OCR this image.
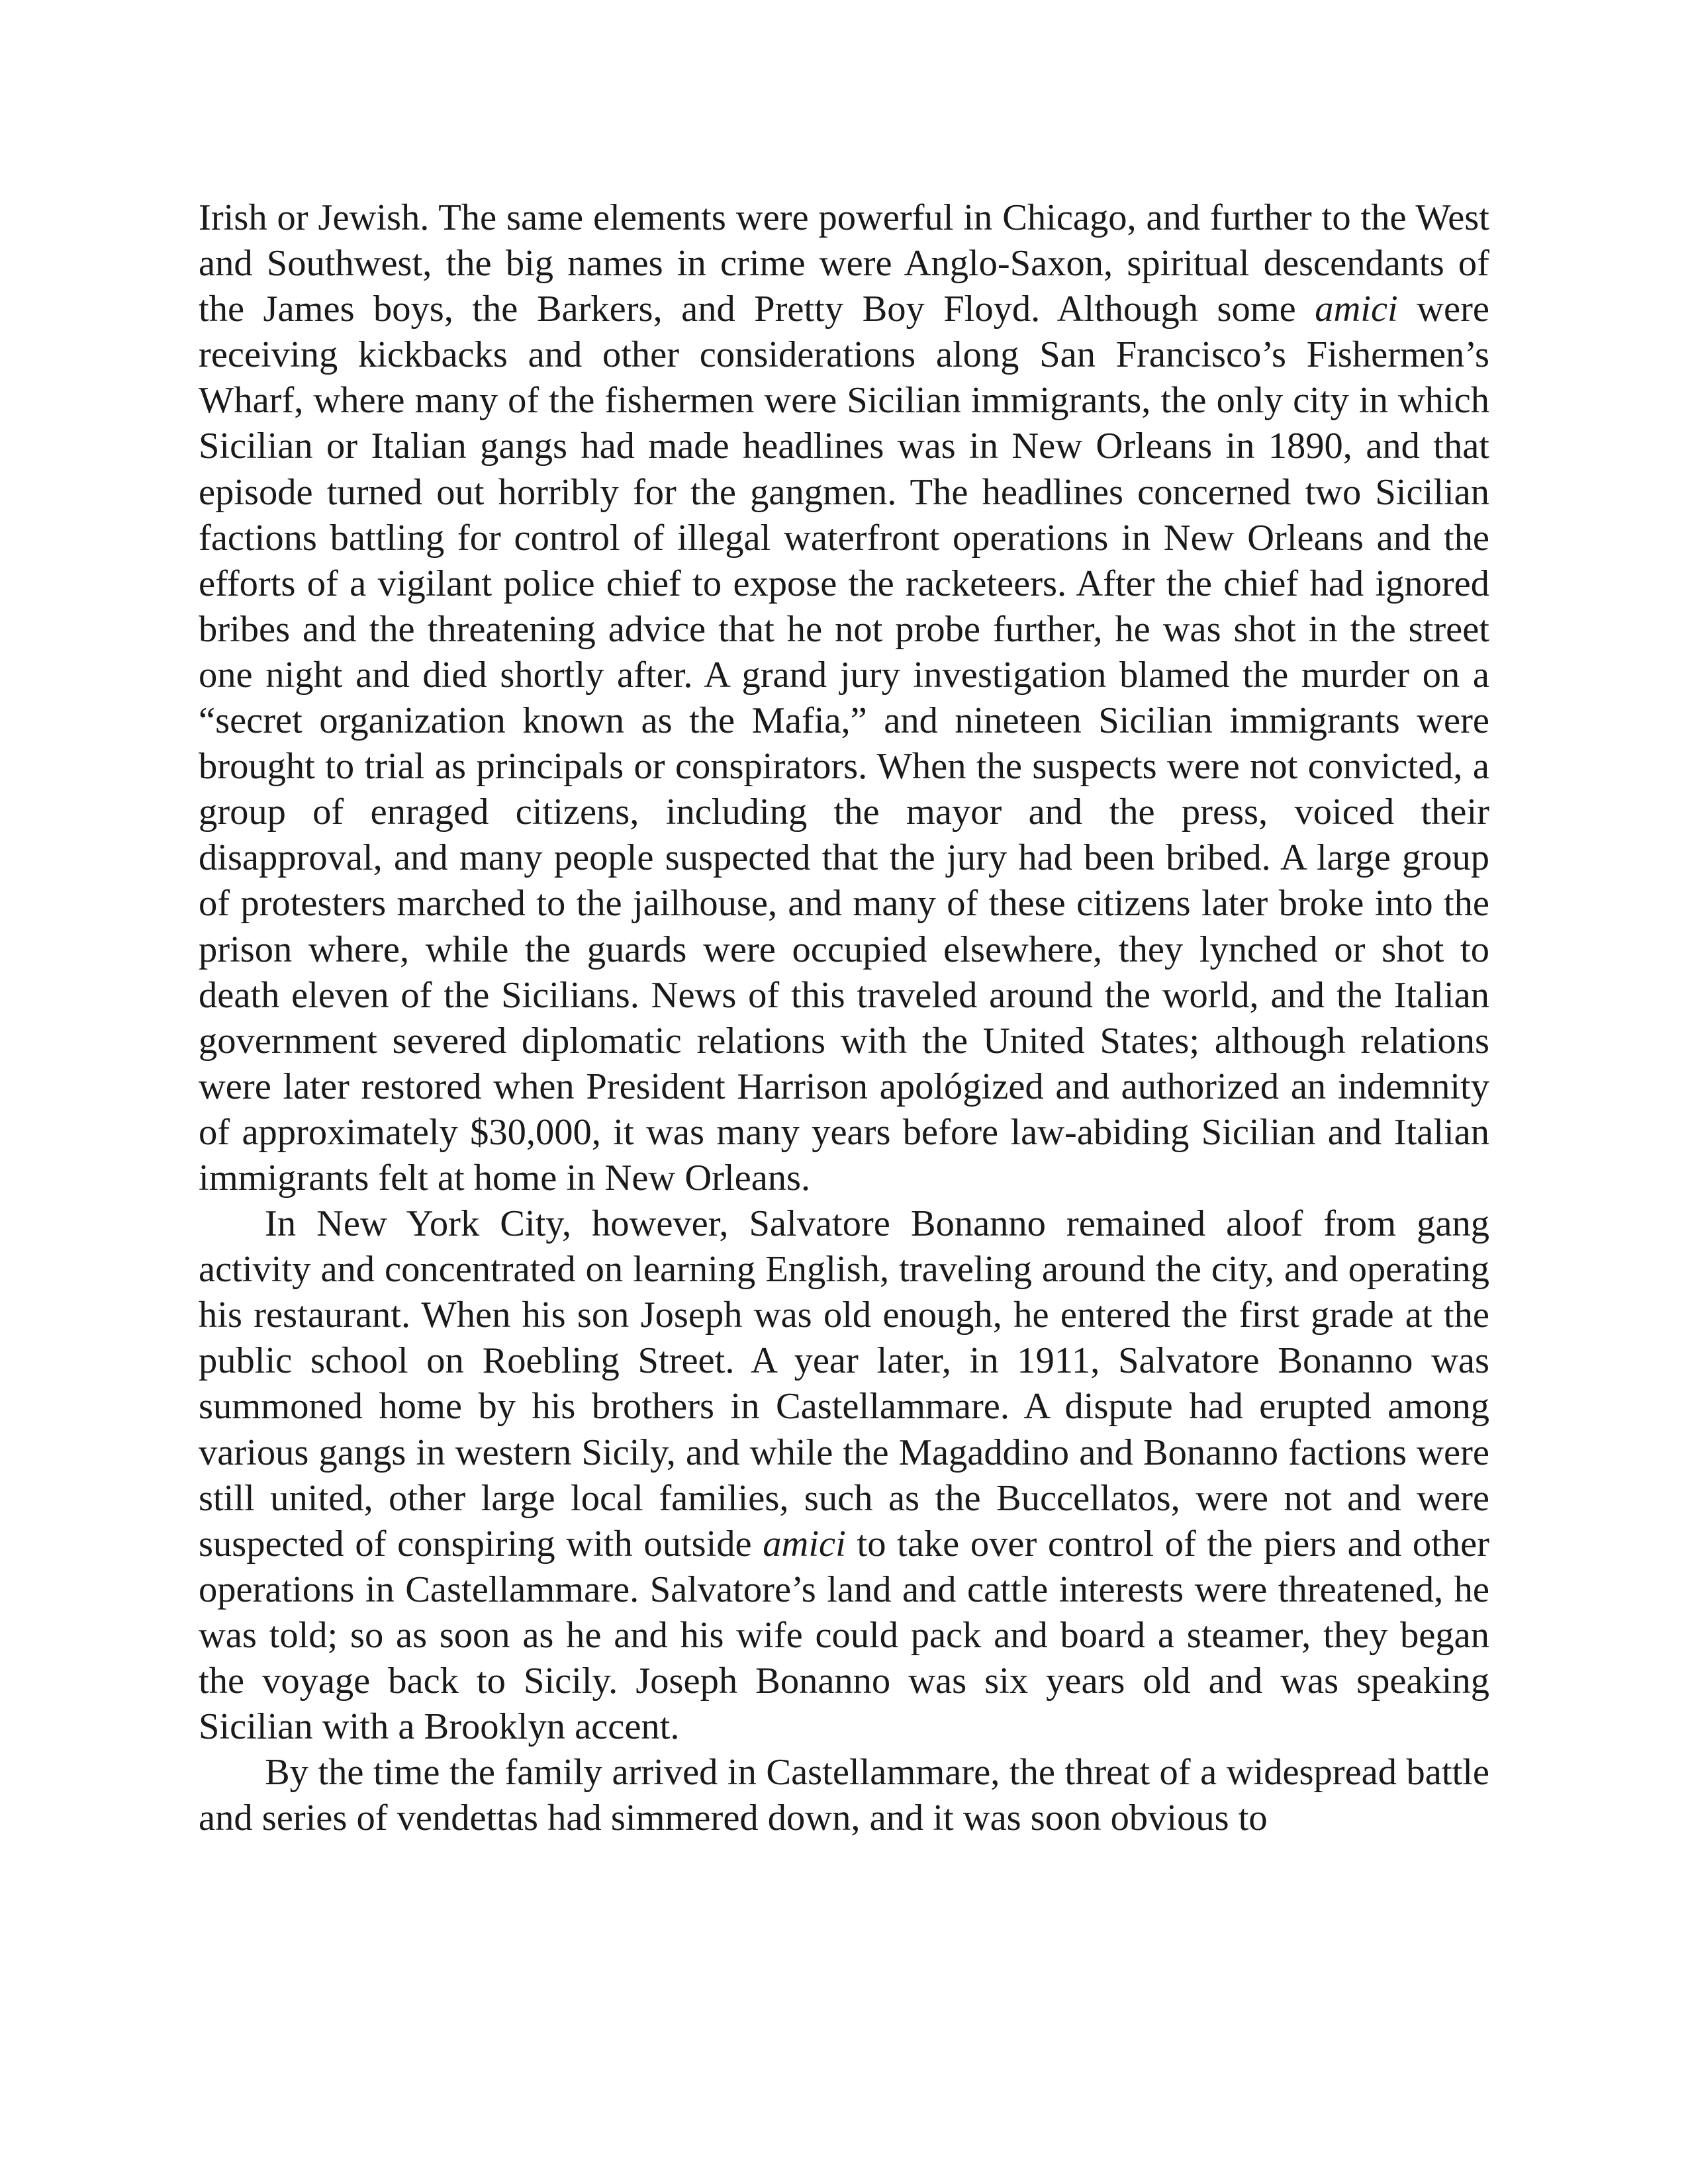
Irish or Jewish. The same elements were powerful in Chicago, and further to the West and Southwest, the big names in crime were Anglo-Saxon, spiritual descendants of the James boys, the Barkers, and Pretty Boy Floyd. Although some amici were receiving kickbacks and other considerations along San Francisco’s Fishermen’s Wharf, where many of the fishermen were Sicilian immigrants, the only city in which Sicilian or Italian gangs had made headlines was in New Orleans in 1890, and that episode turned out horribly for the gangmen. The headlines concerned two Sicilian factions battling for control of illegal waterfront operations in New Orleans and the efforts of a vigilant police chief to expose the racketeers. After the chief had ignored bribes and the threatening advice that he not probe further, he was shot in the street one night and died shortly after. A grand jury investigation blamed the murder on a “secret organization known as the Mafia,” and nineteen Sicilian immigrants were brought to trial as principals or conspirators. When the suspects were not convicted, a group of enraged citizens, including the mayor and the press, voiced their disapproval, and many people suspected that the jury had been bribed. A large group of protesters marched to the jailhouse, and many of these citizens later broke into the prison where, while the guards were occupied elsewhere, they lynched or shot to death eleven of the Sicilians. News of this traveled around the world, and the Italian government severed diplomatic relations with the United States; although relations were later restored when President Harrison apológized and authorized an indemnity of approximately $30,000, it was many years before law-abiding Sicilian and Italian immigrants felt at home in New Orleans.

In New York City, however, Salvatore Bonanno remained aloof from gang activity and concentrated on learning English, traveling around the city, and operating his restaurant. When his son Joseph was old enough, he entered the first grade at the public school on Roebling Street. A year later, in 1911, Salvatore Bonanno was summoned home by his brothers in Castellammare. A dispute had erupted among various gangs in western Sicily, and while the Magaddino and Bonanno factions were still united, other large local families, such as the Buccellatos, were not and were suspected of conspiring with outside amici to take over control of the piers and other operations in Castellammare. Salvatore’s land and cattle interests were threatened, he was told; so as soon as he and his wife could pack and board a steamer, they began the voyage back to Sicily. Joseph Bonanno was six years old and was speaking Sicilian with a Brooklyn accent.

By the time the family arrived in Castellammare, the threat of a widespread battle and series of vendettas had simmered down, and it was soon obvious to
